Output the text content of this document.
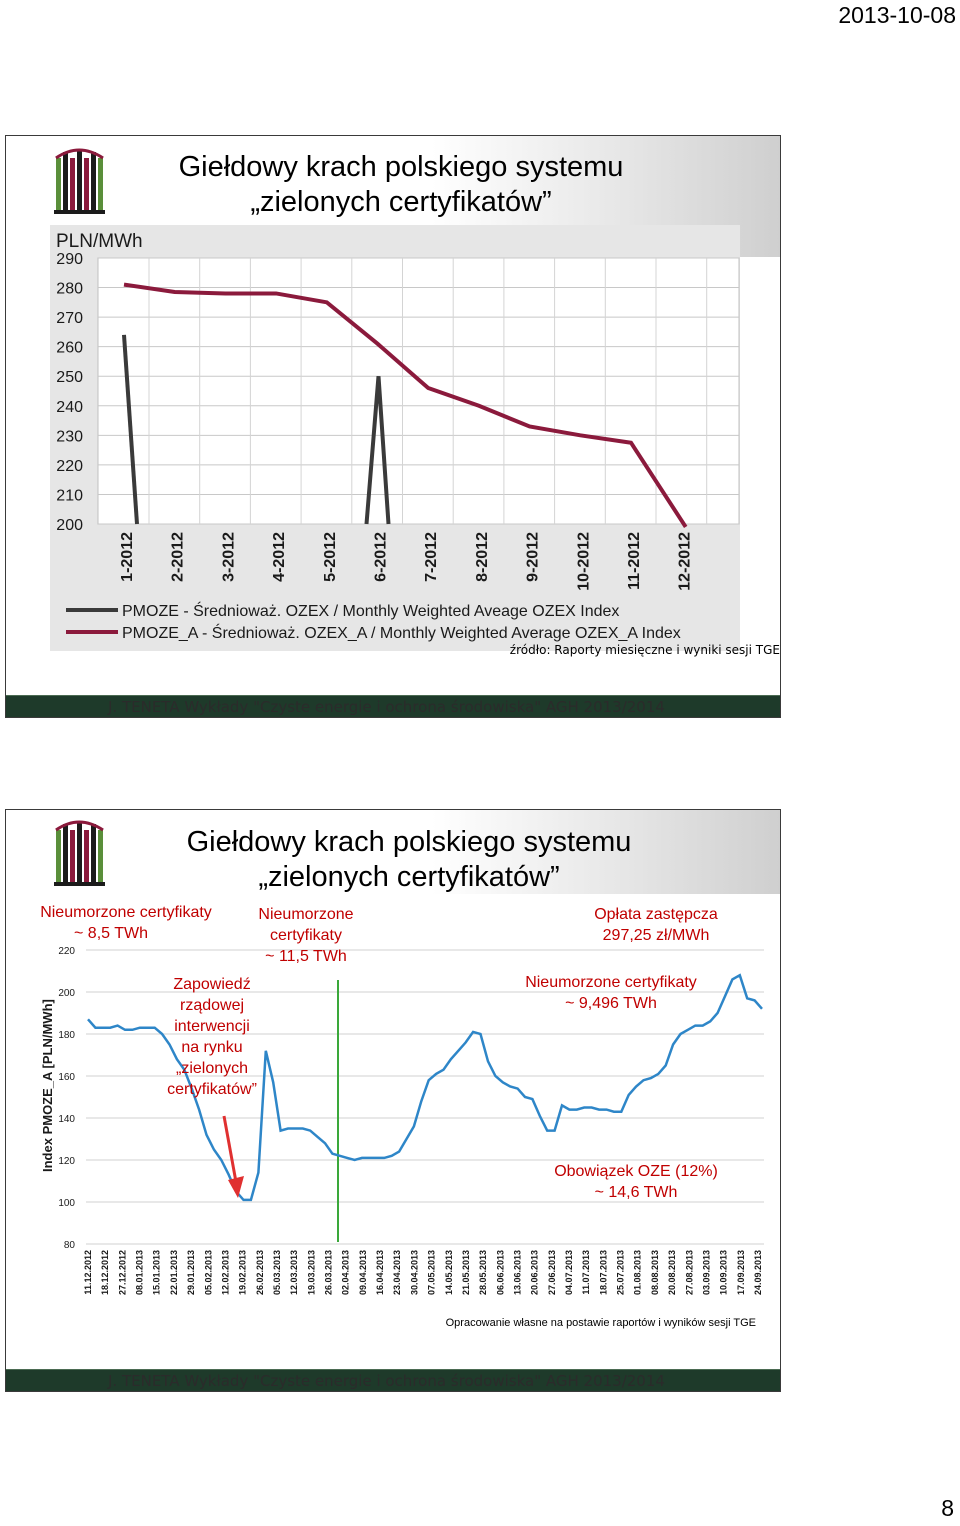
2013-10-08
Giełdowy krach polskiego systemu
„zielonych certyfikatów”
PLN/MWh
290
280
270
260
250
240
230
220
210
200
1-2012 2-2012 3-2012 4-2012 5-2012 6-2012 7-2012 8-2012 9-2012 10-2012 11-2012 12-2012
PMOZE - Średnioważ. OZEX / Monthly Weighted Aveage OZEX Index
PMOZE_A - Średnioważ. OZEX_A / Monthly Weighted Average OZEX_A Index
źródło: Raporty miesięczne i wyniki sesji TGE
J. TENETA Wykłady "Czyste energie i ochrona środowiska" AGH 2013/2014
Giełdowy krach polskiego systemu
„zielonych certyfikatów”
Index PMOZE_A [PLN/MWh]
220
200
180
160
140
120
100
80
11.12.2012 18.12.2012 27.12.2012 08.01.2013 15.01.2013 22.01.2013 29.01.2013 05.02.2013 12.02.2013 19.02.2013 26.02.2013 05.03.2013 12.03.2013 19.03.2013 26.03.2013 02.04.2013 09.04.2013 16.04.2013 23.04.2013 30.04.2013 07.05.2013 14.05.2013 21.05.2013 28.05.2013 06.06.2013 13.06.2013 20.06.2013 27.06.2013 04.07.2013 11.07.2013 18.07.2013 25.07.2013 01.08.2013 08.08.2013 20.08.2013 27.08.2013 03.09.2013 10.09.2013 17.09.2013 24.09.2013
Nieumorzone certyfikaty
~ 8,5 TWh
Nieumorzone
certyfikaty
~ 11,5 TWh
Opłata zastępcza
297,25 zł/MWh
Zapowiedź
rządowej
interwencji
na rynku
„zielonych
certyfikatów”
Nieumorzone certyfikaty
~ 9,496 TWh
Obowiązek OZE (12%)
~ 14,6 TWh
Opracowanie własne na postawie raportów i wyników sesji TGE
J. TENETA Wykłady "Czyste energie i ochrona środowiska" AGH 2013/2014
8
